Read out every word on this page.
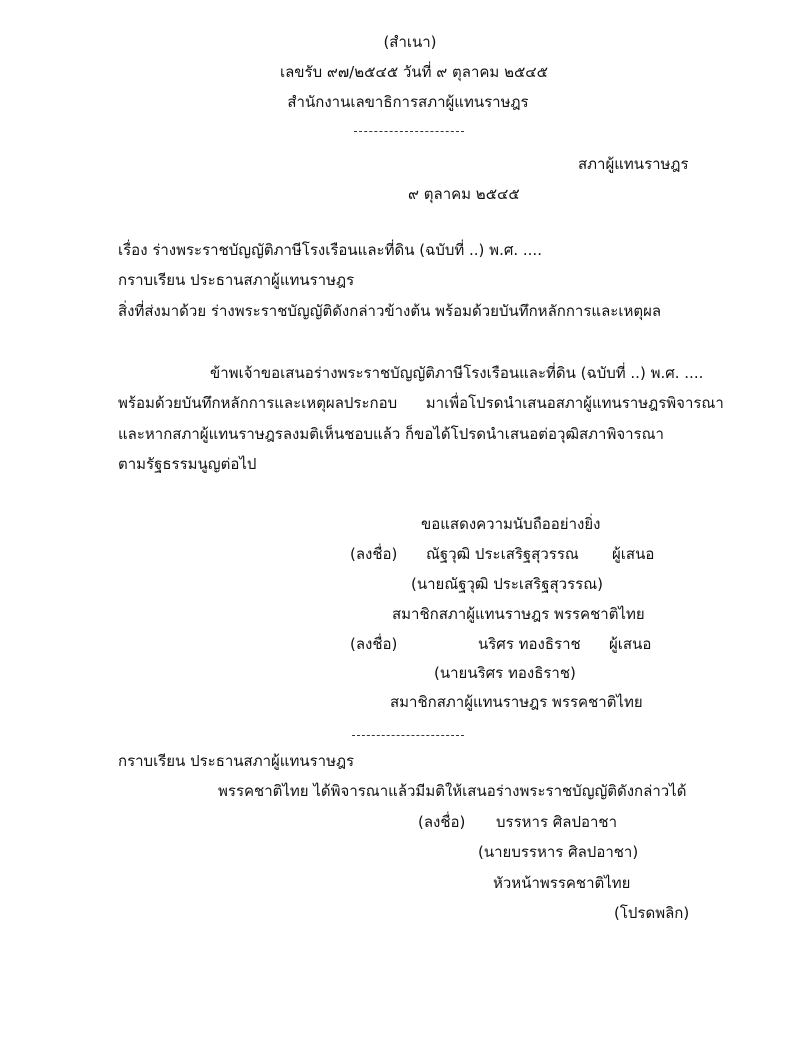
(สำเนา)
เลขรับ ๙๗/๒๕๔๕ วันที่ ๙ ตุลาคม ๒๕๔๕
สำนักงานเลขาธิการสภาผู้แทนราษฎร
สภาผู้แทนราษฎร
๙ ตุลาคม ๒๕๔๕
เรื่อง ร่างพระราชบัญญัติภาษีโรงเรือนและที่ดิน (ฉบับที่ ..) พ.ศ. ....
กราบเรียน ประธานสภาผู้แทนราษฎร
สิ่งที่ส่งมาด้วย ร่างพระราชบัญญัติดังกล่าวข้างต้น พร้อมด้วยบันทึกหลักการและเหตุผล
ข้าพเจ้าขอเสนอร่างพระราชบัญญัติภาษีโรงเรือนและที่ดิน (ฉบับที่ ..) พ.ศ. ....
พร้อมด้วยบันทึกหลักการและเหตุผลประกอบ      มาเพื่อโปรดนำเสนอสภาผู้แทนราษฎรพิจารณา
และหากสภาผู้แทนราษฎรลงมติเห็นชอบแล้ว ก็ขอได้โปรดนำเสนอต่อวุฒิสภาพิจารณา
ตามรัฐธรรมนูญต่อไป
ขอแสดงความนับถืออย่างยิ่ง
(ลงชื่อ) ณัฐวุฒิ ประเสริฐสุวรรณ ผู้เสนอ
(นายณัฐวุฒิ ประเสริฐสุวรรณ)
สมาชิกสภาผู้แทนราษฎร พรรคชาติไทย
(ลงชื่อ)	นริศร ทองธิราช ผู้เสนอ
(นายนริศร ทองธิราช)
สมาชิกสภาผู้แทนราษฎร พรรคชาติไทย
กราบเรียน ประธานสภาผู้แทนราษฎร
พรรคชาติไทย ได้พิจารณาแล้วมีมติให้เสนอร่างพระราชบัญญัติดังกล่าวได้
(ลงชื่อ) บรรหาร ศิลปอาชา
(นายบรรหาร ศิลปอาชา)
หัวหน้าพรรคชาติไทย
(โปรดพลิก)
